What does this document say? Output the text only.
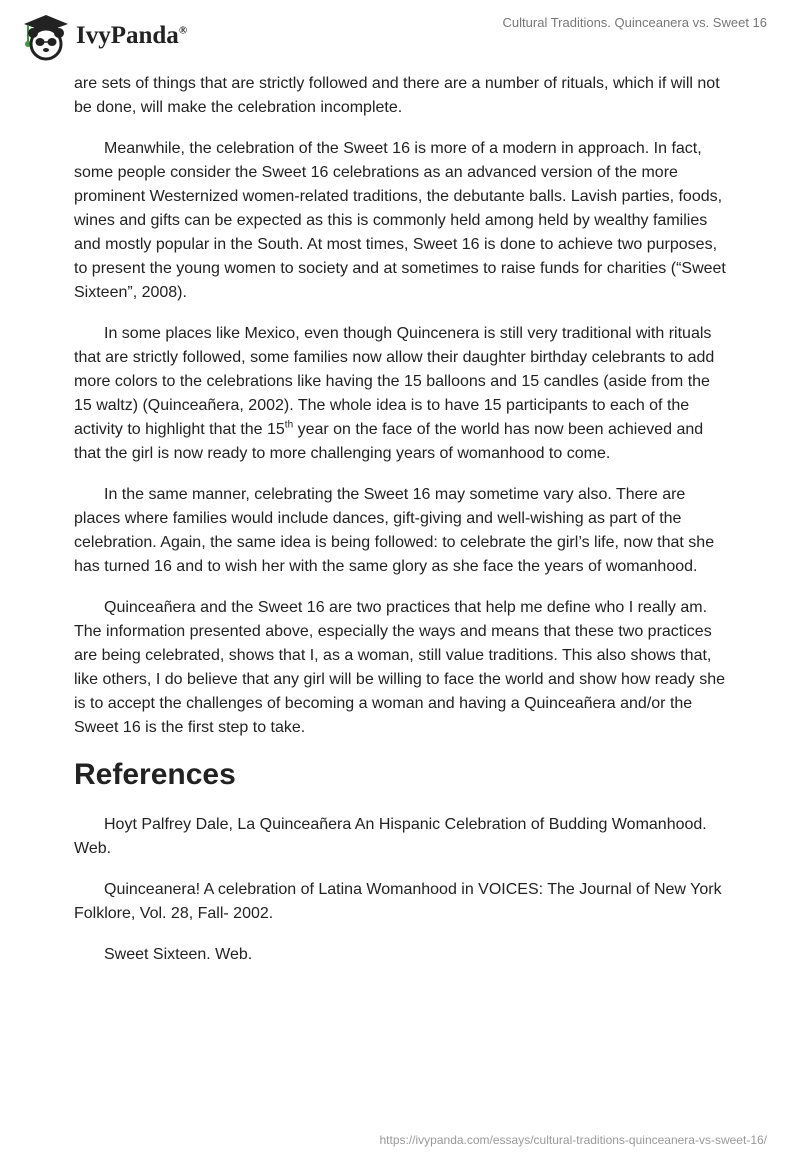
IvyPanda®
Cultural Traditions. Quinceanera vs. Sweet 16

are sets of things that are strictly followed and there are a number of rituals, which if will not be done, will make the celebration incomplete.

Meanwhile, the celebration of the Sweet 16 is more of a modern in approach. In fact, some people consider the Sweet 16 celebrations as an advanced version of the more prominent Westernized women-related traditions, the debutante balls. Lavish parties, foods, wines and gifts can be expected as this is commonly held among held by wealthy families and mostly popular in the South. At most times, Sweet 16 is done to achieve two purposes, to present the young women to society and at sometimes to raise funds for charities (“Sweet Sixteen”, 2008).

In some places like Mexico, even though Quincenera is still very traditional with rituals that are strictly followed, some families now allow their daughter birthday celebrants to add more colors to the celebrations like having the 15 balloons and 15 candles (aside from the 15 waltz) (Quinceañera, 2002). The whole idea is to have 15 participants to each of the activity to highlight that the 15th year on the face of the world has now been achieved and that the girl is now ready to more challenging years of womanhood to come.

In the same manner, celebrating the Sweet 16 may sometime vary also. There are places where families would include dances, gift-giving and well-wishing as part of the celebration. Again, the same idea is being followed: to celebrate the girl’s life, now that she has turned 16 and to wish her with the same glory as she face the years of womanhood.

Quinceañera and the Sweet 16 are two practices that help me define who I really am. The information presented above, especially the ways and means that these two practices are being celebrated, shows that I, as a woman, still value traditions. This also shows that, like others, I do believe that any girl will be willing to face the world and show how ready she is to accept the challenges of becoming a woman and having a Quinceañera and/or the Sweet 16 is the first step to take.

References

Hoyt Palfrey Dale, La Quinceañera An Hispanic Celebration of Budding Womanhood. Web.

Quinceanera! A celebration of Latina Womanhood in VOICES: The Journal of New York Folklore, Vol. 28, Fall- 2002.

Sweet Sixteen. Web.

https://ivypanda.com/essays/cultural-traditions-quinceanera-vs-sweet-16/
